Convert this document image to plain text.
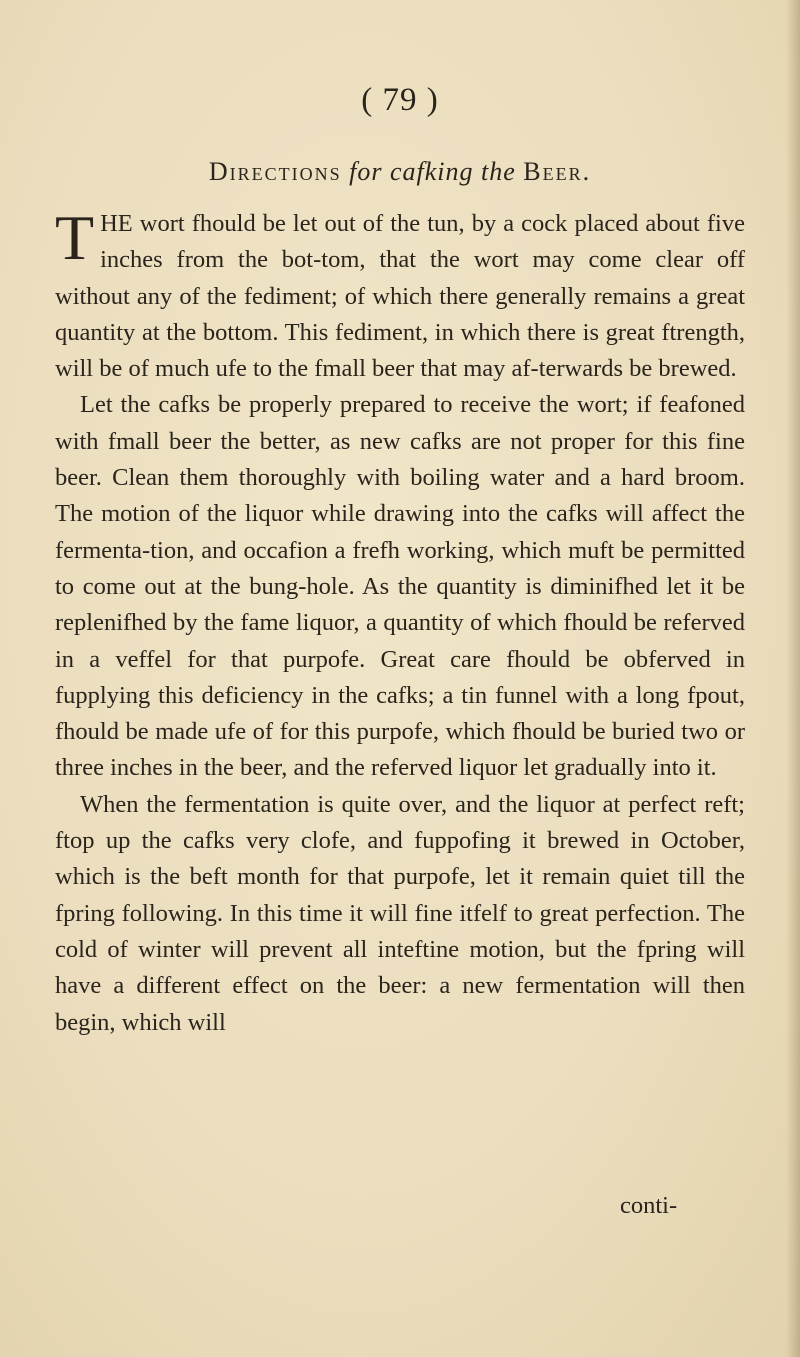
( 79 )
Directions for cafking the Beer.

THE wort fhould be let out of the tun, by a cock placed about five inches from the bot-tom, that the wort may come clear off without any of the fediment; of which there generally remains a great quantity at the bottom. This fediment, in which there is great ftrength, will be of much ufe to the fmall beer that may af-terwards be brewed.

Let the cafks be properly prepared to receive the wort; if feafoned with fmall beer the better, as new cafks are not proper for this fine beer. Clean them thoroughly with boiling water and a hard broom. The motion of the liquor while drawing into the cafks will affect the fermenta-tion, and occafion a frefh working, which muft be permitted to come out at the bung-hole. As the quantity is diminifhed let it be replenifhed by the fame liquor, a quantity of which fhould be referved in a veffel for that purpofe. Great care fhould be obferved in fupplying this deficiency in the cafks; a tin funnel with a long fpout, fhould be made ufe of for this purpofe, which fhould be buried two or three inches in the beer, and the referved liquor let gradually into it.

When the fermentation is quite over, and the liquor at perfect reft; ftop up the cafks very clofe, and fuppofing it brewed in October, which is the beft month for that purpofe, let it remain quiet till the fpring following. In this time it will fine itfelf to great perfection. The cold of winter will prevent all inteftine motion, but the fpring will have a different effect on the beer: a new fermentation will then begin, which will

conti-
